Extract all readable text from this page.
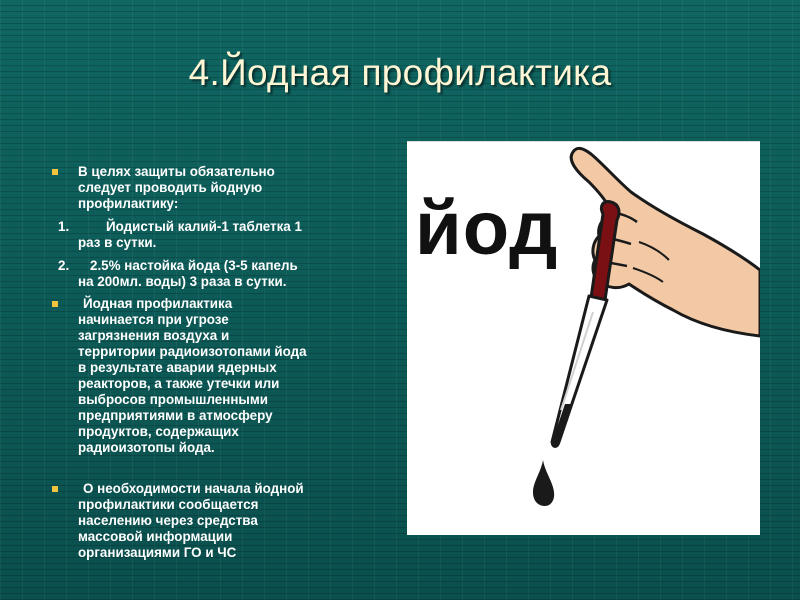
4.Йодная профилактика
В целях защиты обязательно
следует проводить йодную
профилактику:
1.	Йодистый калий-1 таблетка 1
раз в сутки.
2.	2.5% настойка йода (3-5 капель
на 200мл. воды) 3 раза в сутки.
Йодная профилактика
начинается при угрозе
загрязнения воздуха и
территории радиоизотопами йода
в результате аварии ядерных
реакторов, а также утечки или
выбросов промышленными
предприятиями в атмосферу
продуктов, содержащих
радиоизотопы йода.
О необходимости начала йодной
профилактики сообщается
населению через средства
массовой информации
организациями ГО и ЧС
йод
